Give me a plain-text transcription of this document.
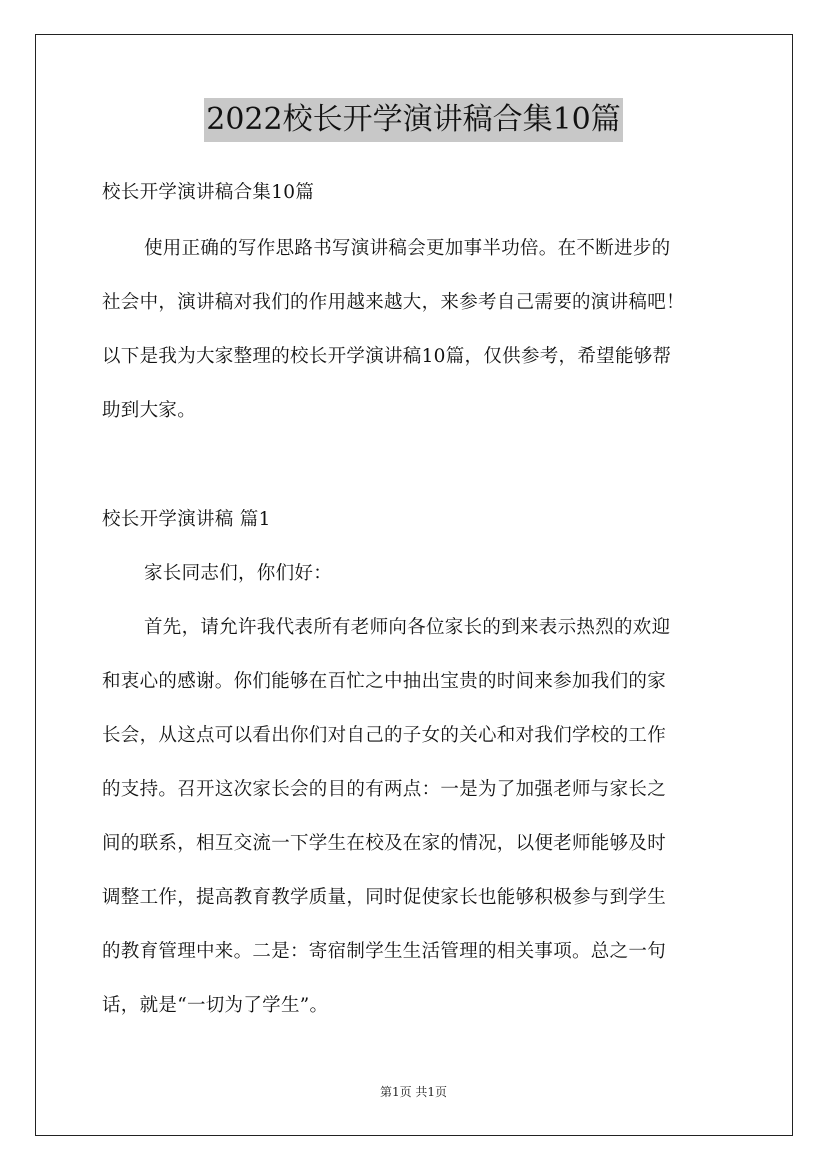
2022校长开学演讲稿合集10篇

校长开学演讲稿合集10篇

使用正确的写作思路书写演讲稿会更加事半功倍。在不断进步的

社会中，演讲稿对我们的作用越来越大，来参考自己需要的演讲稿吧！

以下是我为大家整理的校长开学演讲稿10篇，仅供参考，希望能够帮

助到大家。

校长开学演讲稿 篇1

家长同志们，你们好：

首先，请允许我代表所有老师向各位家长的到来表示热烈的欢迎

和衷心的感谢。你们能够在百忙之中抽出宝贵的时间来参加我们的家

长会，从这点可以看出你们对自己的子女的关心和对我们学校的工作

的支持。召开这次家长会的目的有两点：一是为了加强老师与家长之

间的联系，相互交流一下学生在校及在家的情况，以便老师能够及时

调整工作，提高教育教学质量，同时促使家长也能够积极参与到学生

的教育管理中来。二是：寄宿制学生生活管理的相关事项。总之一句

话，就是“一切为了学生”。

第1页 共1页
